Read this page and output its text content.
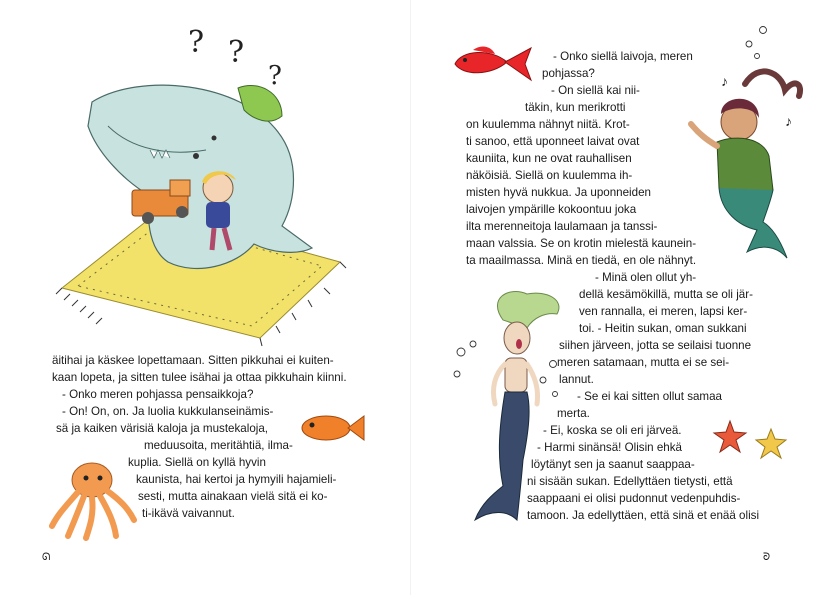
? ?
?
äitihai ja käskee lopettamaan. Sitten pikkuhai ei kuiten-
kaan lopeta, ja sitten tulee isähai ja ottaa pikkuhain kiinni.
- Onko meren pohjassa pensaikkoja?
- On! On, on. Ja luolia kukkulanseinämis-
sä ja kaiken värisiä kaloja ja mustekaloja,
meduusoita, meritähtiä, ilma-
kuplia. Siellä on kyllä hyvin
kaunista, hai kertoi ja hymyili hajamieli-
sesti, mutta ainakaan vielä sitä ei ko-
ti-ikävä vaivannut.
ᘏ
- Onko siellä laivoja, meren
pohjassa?
- On siellä kai nii-
täkin, kun merikrotti
on kuulemma nähnyt niitä. Krot-
ti sanoo, että uponneet laivat ovat
kauniita, kun ne ovat rauhallisen
näköisiä. Siellä on kuulemma ih-
misten hyvä nukkua. Ja uponneiden
laivojen ympärille kokoontuu joka
ilta merenneitoja laulamaan ja tanssi-
maan valssia. Se on krotin mielestä kaunein-
ta maailmassa. Minä en tiedä, en ole nähnyt.
- Minä olen ollut yh-
dellä kesämökillä, mutta se oli jär-
ven rannalla, ei meren, lapsi ker-
toi. - Heitin sukan, oman sukkani
siihen järveen, jotta se seilaisi tuonne
meren satamaan, mutta ei se sei-
lannut.
- Se ei kai sitten ollut samaa
merta.
- Ei, koska se oli eri järveä.
- Harmi sinänsä! Olisin ehkä
löytänyt sen ja saanut saappaa-
ni sisään sukan. Edellyttäen tietysti, että
saappaani ei olisi pudonnut vedenpuhdis-
tamoon. Ja edellyttäen, että sinä et enää olisi
♪
♪
ᘐ
